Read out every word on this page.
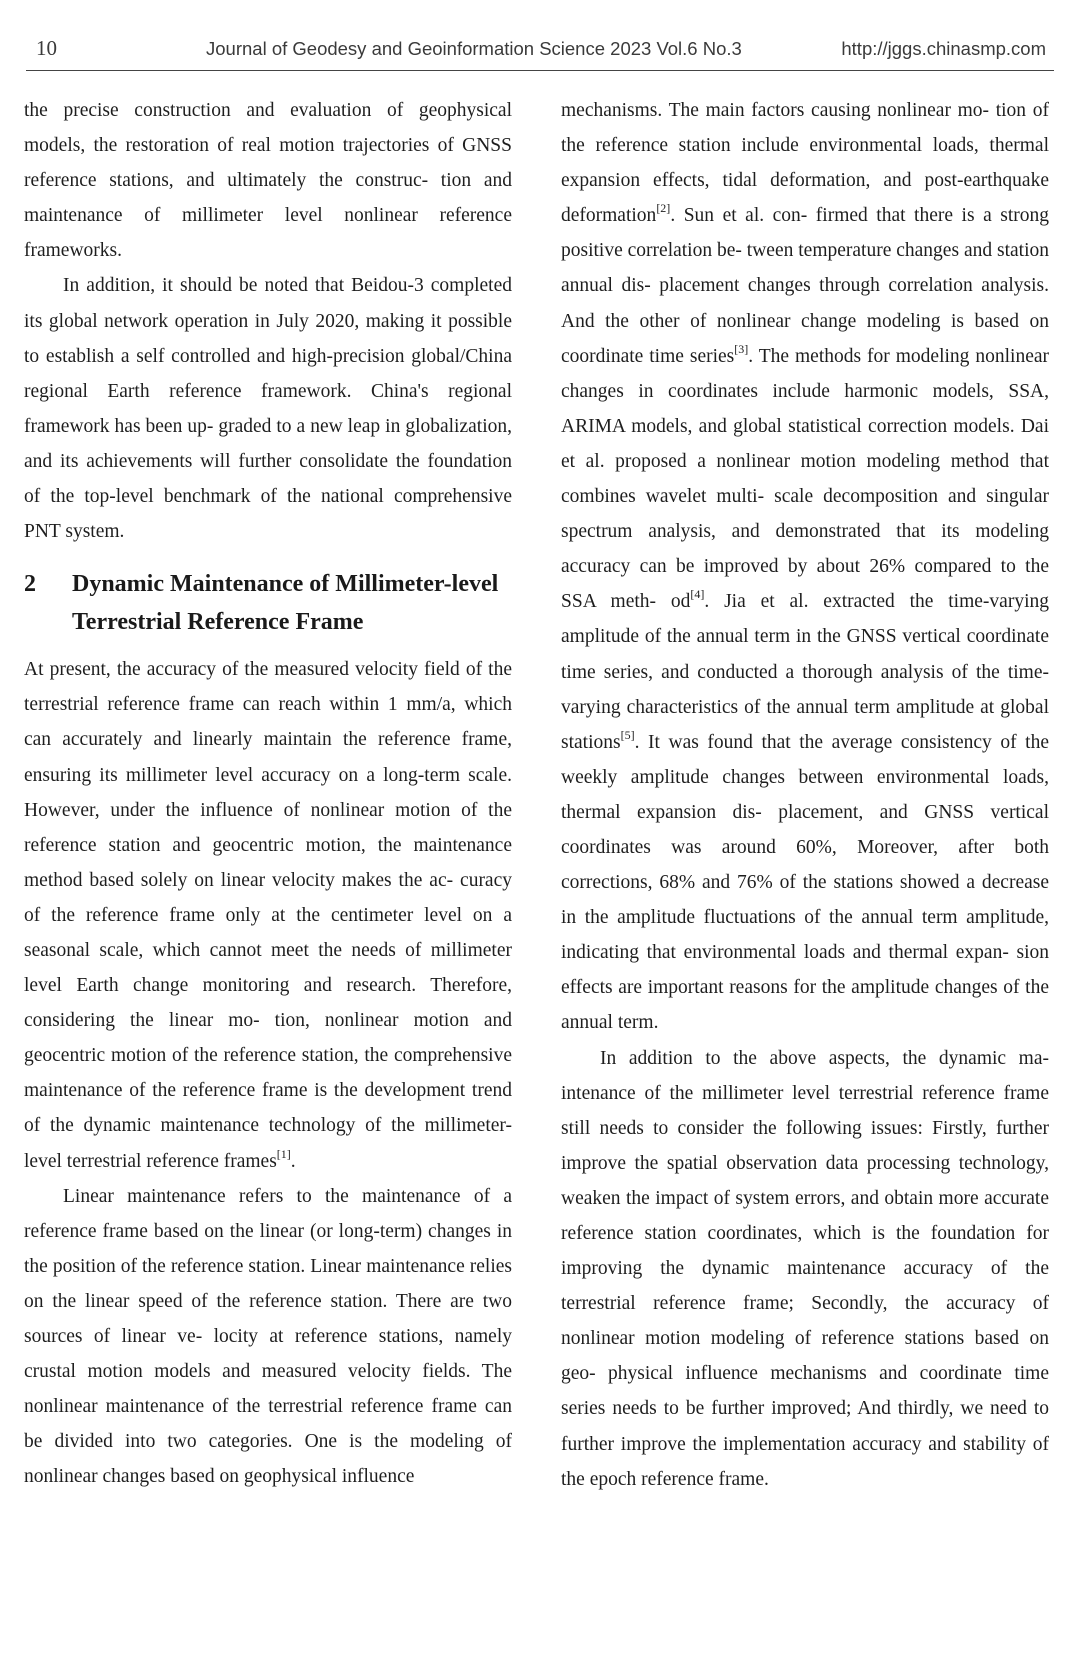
10	Journal of Geodesy and Geoinformation Science 2023 Vol.6 No.3	http://jggs.chinasmp.com

the precise construction and evaluation of geophysical models, the restoration of real motion trajectories of GNSS reference stations, and ultimately the construc- tion and maintenance of millimeter level nonlinear reference frameworks.

In addition, it should be noted that Beidou-3 completed its global network operation in July 2020, making it possible to establish a self controlled and high-precision global/China regional Earth reference framework. China's regional framework has been up- graded to a new leap in globalization, and its achievements will further consolidate the foundation of the top-level benchmark of the national comprehensive PNT system.

2	Dynamic Maintenance of Millimeter-level Terrestrial Reference Frame

At present, the accuracy of the measured velocity field of the terrestrial reference frame can reach within 1 mm/a, which can accurately and linearly maintain the reference frame, ensuring its millimeter level accuracy on a long-term scale. However, under the influence of nonlinear motion of the reference station and geocentric motion, the maintenance method based solely on linear velocity makes the ac- curacy of the reference frame only at the centimeter level on a seasonal scale, which cannot meet the needs of millimeter level Earth change monitoring and research. Therefore, considering the linear mo- tion, nonlinear motion and geocentric motion of the reference station, the comprehensive maintenance of the reference frame is the development trend of the dynamic maintenance technology of the millimeter- level terrestrial reference frames[1].

Linear maintenance refers to the maintenance of a reference frame based on the linear (or long-term) changes in the position of the reference station. Linear maintenance relies on the linear speed of the reference station. There are two sources of linear ve- locity at reference stations, namely crustal motion models and measured velocity fields. The nonlinear maintenance of the terrestrial reference frame can be divided into two categories. One is the modeling of nonlinear changes based on geophysical influence

mechanisms. The main factors causing nonlinear mo- tion of the reference station include environmental loads, thermal expansion effects, tidal deformation, and post-earthquake deformation[2]. Sun et al. con- firmed that there is a strong positive correlation be- tween temperature changes and station annual dis- placement changes through correlation analysis. And the other of nonlinear change modeling is based on coordinate time series[3]. The methods for modeling nonlinear changes in coordinates include harmonic models, SSA, ARIMA models, and global statistical correction models. Dai et al. proposed a nonlinear motion modeling method that combines wavelet multi- scale decomposition and singular spectrum analysis, and demonstrated that its modeling accuracy can be improved by about 26% compared to the SSA meth- od[4]. Jia et al. extracted the time-varying amplitude of the annual term in the GNSS vertical coordinate time series, and conducted a thorough analysis of the time-varying characteristics of the annual term amplitude at global stations[5]. It was found that the average consistency of the weekly amplitude changes between environmental loads, thermal expansion dis- placement, and GNSS vertical coordinates was around 60%, Moreover, after both corrections, 68% and 76% of the stations showed a decrease in the amplitude fluctuations of the annual term amplitude, indicating that environmental loads and thermal expan- sion effects are important reasons for the amplitude changes of the annual term.

In addition to the above aspects, the dynamic ma- intenance of the millimeter level terrestrial reference frame still needs to consider the following issues: Firstly, further improve the spatial observation data processing technology, weaken the impact of system errors, and obtain more accurate reference station coordinates, which is the foundation for improving the dynamic maintenance accuracy of the terrestrial reference frame; Secondly, the accuracy of nonlinear motion modeling of reference stations based on geo- physical influence mechanisms and coordinate time series needs to be further improved; And thirdly, we need to further improve the implementation accuracy and stability of the epoch reference frame.
